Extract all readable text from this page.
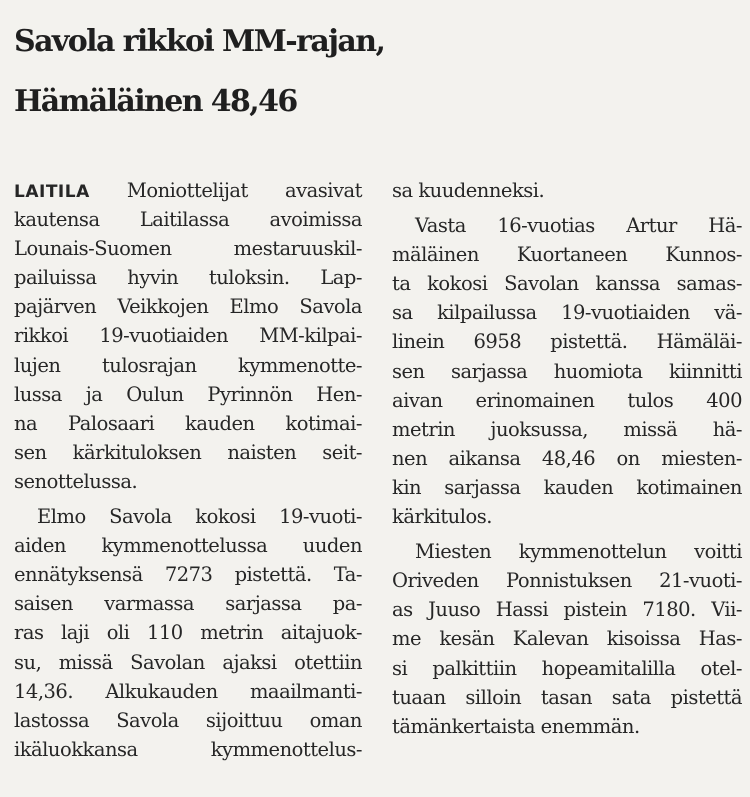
Savola rikkoi MM-rajan,
Hämäläinen 48,46
LAITILA Moniottelijat avasivat
kautensa Laitilassa avoimissa
Lounais-Suomen mestaruuskil-
pailuissa hyvin tuloksin. Lap-
pajärven Veikkojen Elmo Savola
rikkoi 19-vuotiaiden MM-kilpai-
lujen tulosrajan kymmenotte-
lussa ja Oulun Pyrinnön Hen-
na Palosaari kauden kotimai-
sen kärkituloksen naisten seit-
senottelussa.
Elmo Savola kokosi 19-vuoti-
aiden kymmenottelussa uuden
ennätyksensä 7273 pistettä. Ta-
saisen varmassa sarjassa pa-
ras laji oli 110 metrin aitajuok-
su, missä Savolan ajaksi otettiin
14,36. Alkukauden maailmanti-
lastossa Savola sijoittuu oman
ikäluokkansa kymmenottelus-
sa kuudenneksi.
Vasta 16-vuotias Artur Hä-
mäläinen Kuortaneen Kunnos-
ta kokosi Savolan kanssa samas-
sa kilpailussa 19-vuotiaiden vä-
linein 6958 pistettä. Hämäläi-
sen sarjassa huomiota kiinnitti
aivan erinomainen tulos 400
metrin juoksussa, missä hä-
nen aikansa 48,46 on miesten-
kin sarjassa kauden kotimainen
kärkitulos.
Miesten kymmenottelun voitti
Oriveden Ponnistuksen 21-vuoti-
as Juuso Hassi pistein 7180. Vii-
me kesän Kalevan kisoissa Has-
si palkittiin hopeamitalilla otel-
tuaan silloin tasan sata pistettä
tämänkertaista enemmän.
